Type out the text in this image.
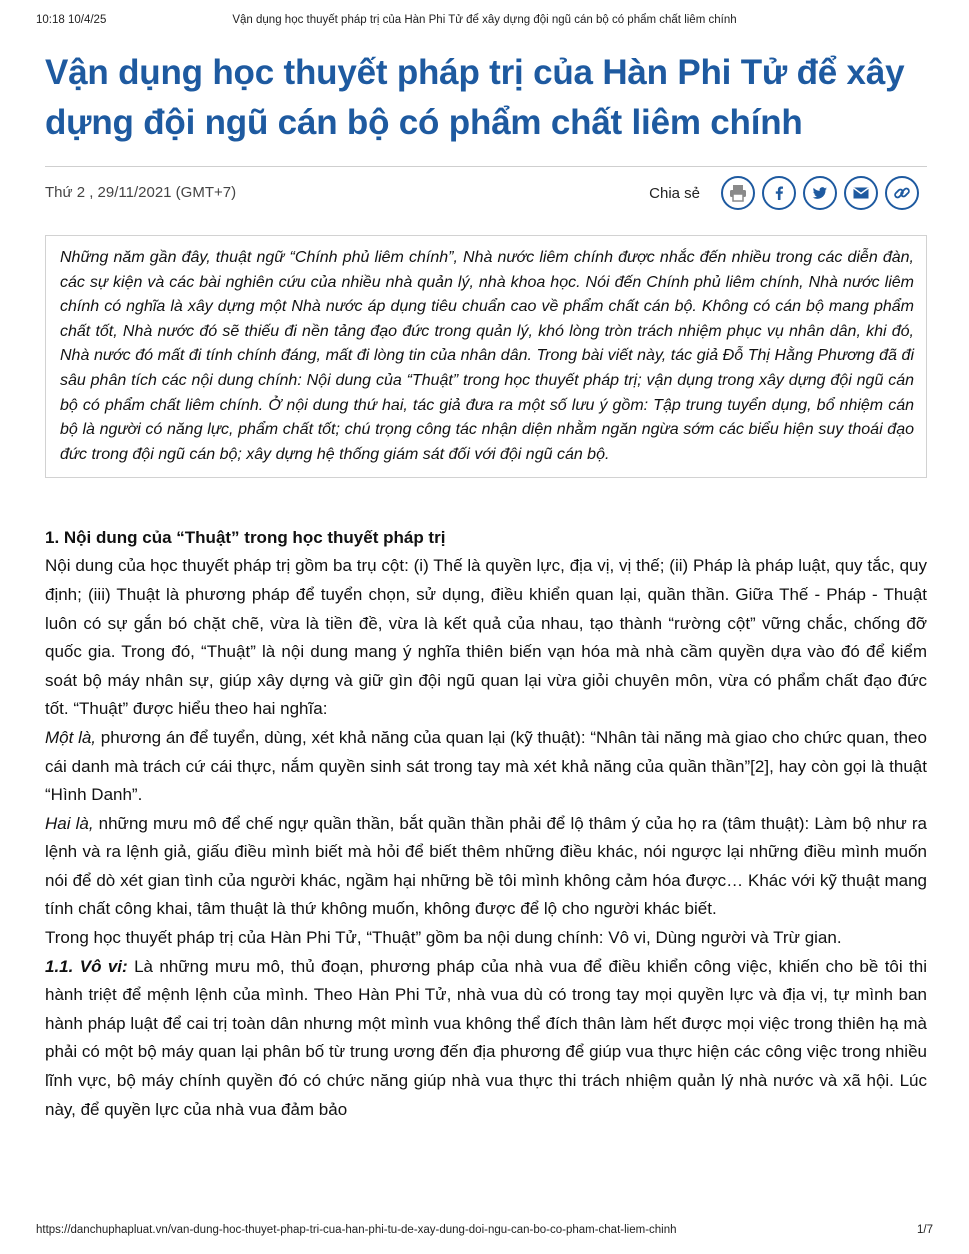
10:18 10/4/25	Vận dụng học thuyết pháp trị của Hàn Phi Tử để xây dựng đội ngũ cán bộ có phẩm chất liêm chính
Vận dụng học thuyết pháp trị của Hàn Phi Tử để xây dựng đội ngũ cán bộ có phẩm chất liêm chính
Thứ 2 , 29/11/2021 (GMT+7)	Chia sẻ
Những năm gần đây, thuật ngữ “Chính phủ liêm chính”, Nhà nước liêm chính được nhắc đến nhiều trong các diễn đàn, các sự kiện và các bài nghiên cứu của nhiều nhà quản lý, nhà khoa học. Nói đến Chính phủ liêm chính, Nhà nước liêm chính có nghĩa là xây dựng một Nhà nước áp dụng tiêu chuẩn cao về phẩm chất cán bộ. Không có cán bộ mang phẩm chất tốt, Nhà nước đó sẽ thiếu đi nền tảng đạo đức trong quản lý, khó lòng tròn trách nhiệm phục vụ nhân dân, khi đó, Nhà nước đó mất đi tính chính đáng, mất đi lòng tin của nhân dân. Trong bài viết này, tác giả Đỗ Thị Hằng Phương đã đi sâu phân tích các nội dung chính: Nội dung của “Thuật” trong học thuyết pháp trị; vận dụng trong xây dựng đội ngũ cán bộ có phẩm chất liêm chính. Ở nội dung thứ hai, tác giả đưa ra một số lưu ý gồm: Tập trung tuyển dụng, bổ nhiệm cán bộ là người có năng lực, phẩm chất tốt; chú trọng công tác nhận diện nhằm ngăn ngừa sớm các biểu hiện suy thoái đạo đức trong đội ngũ cán bộ; xây dựng hệ thống giám sát đối với đội ngũ cán bộ.
1. Nội dung của “Thuật” trong học thuyết pháp trị

Nội dung của học thuyết pháp trị gồm ba trụ cột: (i) Thế là quyền lực, địa vị, vị thế; (ii) Pháp là pháp luật, quy tắc, quy định; (iii) Thuật là phương pháp để tuyển chọn, sử dụng, điều khiển quan lại, quần thần. Giữa Thế - Pháp - Thuật luôn có sự gắn bó chặt chẽ, vừa là tiền đề, vừa là kết quả của nhau, tạo thành “rường cột” vững chắc, chống đỡ quốc gia. Trong đó, “Thuật” là nội dung mang ý nghĩa thiên biến vạn hóa mà nhà cầm quyền dựa vào đó để kiểm soát bộ máy nhân sự, giúp xây dựng và giữ gìn đội ngũ quan lại vừa giỏi chuyên môn, vừa có phẩm chất đạo đức tốt. “Thuật” được hiểu theo hai nghĩa:

Một là, phương án để tuyển, dùng, xét khả năng của quan lại (kỹ thuật): “Nhân tài năng mà giao cho chức quan, theo cái danh mà trách cứ cái thực, nắm quyền sinh sát trong tay mà xét khả năng của quần thần”[2], hay còn gọi là thuật “Hình Danh”.

Hai là, những mưu mô để chế ngự quần thần, bắt quần thần phải để lộ thâm ý của họ ra (tâm thuật): Làm bộ như ra lệnh và ra lệnh giả, giấu điều mình biết mà hỏi để biết thêm những điều khác, nói ngược lại những điều mình muốn nói để dò xét gian tình của người khác, ngầm hại những bề tôi mình không cảm hóa được… Khác với kỹ thuật mang tính chất công khai, tâm thuật là thứ không muốn, không được để lộ cho người khác biết.

Trong học thuyết pháp trị của Hàn Phi Tử, “Thuật” gồm ba nội dung chính: Vô vi, Dùng người và Trừ gian.

1.1. Vô vi: Là những mưu mô, thủ đoạn, phương pháp của nhà vua để điều khiển công việc, khiến cho bề tôi thi hành triệt để mệnh lệnh của mình. Theo Hàn Phi Tử, nhà vua dù có trong tay mọi quyền lực và địa vị, tự mình ban hành pháp luật để cai trị toàn dân nhưng một mình vua không thể đích thân làm hết được mọi việc trong thiên hạ mà phải có một bộ máy quan lại phân bố từ trung ương đến địa phương để giúp vua thực hiện các công việc trong nhiều lĩnh vực, bộ máy chính quyền đó có chức năng giúp nhà vua thực thi trách nhiệm quản lý nhà nước và xã hội. Lúc này, để quyền lực của nhà vua đảm bảo

https://danchuphapluat.vn/van-dung-hoc-thuyet-phap-tri-cua-han-phi-tu-de-xay-dung-doi-ngu-can-bo-co-pham-chat-liem-chinh	1/7
